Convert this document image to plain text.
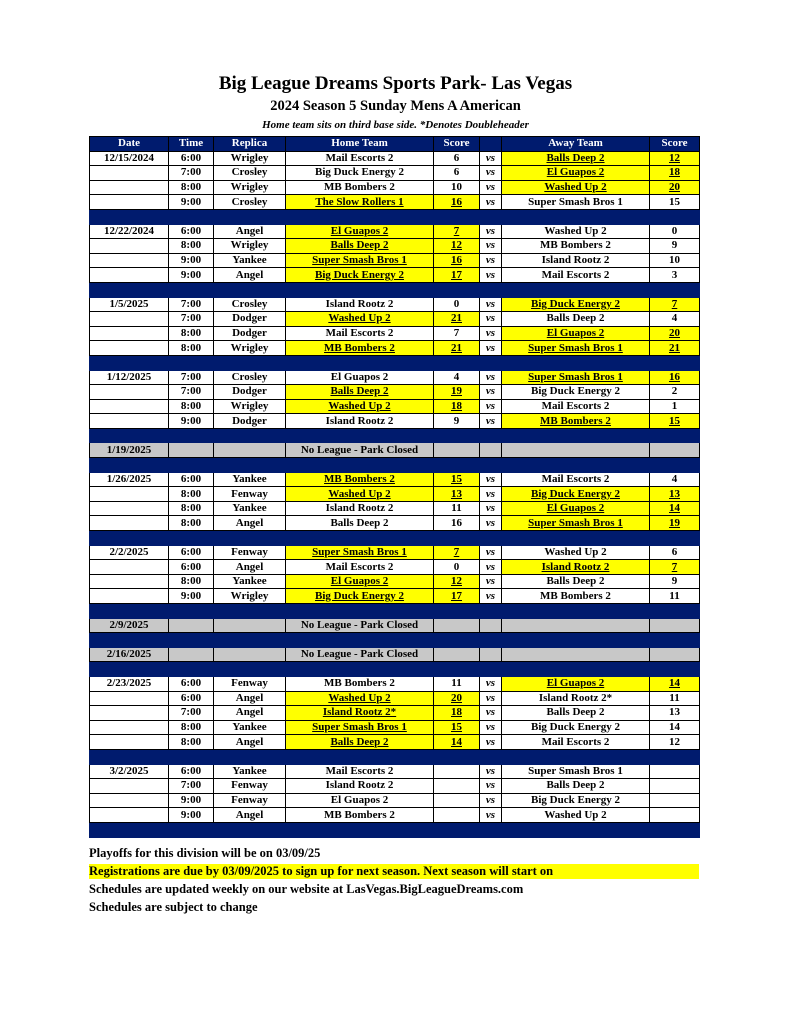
Big League Dreams Sports Park- Las Vegas
2024 Season 5 Sunday Mens A American
Home team sits on third base side. *Denotes Doubleheader
Date	Time	Replica	Home Team	Score		Away Team	Score
12/15/2024	6:00	Wrigley	Mail Escorts 2	6	vs	Balls Deep 2	12
	7:00	Crosley	Big Duck Energy 2	6	vs	El Guapos 2	18
	8:00	Wrigley	MB Bombers 2	10	vs	Washed Up 2	20
	9:00	Crosley	The Slow Rollers 1	16	vs	Super Smash Bros 1	15

12/22/2024	6:00	Angel	El Guapos 2	7	vs	Washed Up 2	0
	8:00	Wrigley	Balls Deep 2	12	vs	MB Bombers 2	9
	9:00	Yankee	Super Smash Bros 1	16	vs	Island Rootz 2	10
	9:00	Angel	Big Duck Energy 2	17	vs	Mail Escorts 2	3

1/5/2025	7:00	Crosley	Island Rootz 2	0	vs	Big Duck Energy 2	7
	7:00	Dodger	Washed Up 2	21	vs	Balls Deep 2	4
	8:00	Dodger	Mail Escorts 2	7	vs	El Guapos 2	20
	8:00	Wrigley	MB Bombers 2	21	vs	Super Smash Bros 1	21

1/12/2025	7:00	Crosley	El Guapos 2	4	vs	Super Smash Bros 1	16
	7:00	Dodger	Balls Deep 2	19	vs	Big Duck Energy 2	2
	8:00	Wrigley	Washed Up 2	18	vs	Mail Escorts 2	1
	9:00	Dodger	Island Rootz 2	9	vs	MB Bombers 2	15

1/19/2025			No League - Park Closed				

1/26/2025	6:00	Yankee	MB Bombers 2	15	vs	Mail Escorts 2	4
	8:00	Fenway	Washed Up 2	13	vs	Big Duck Energy 2	13
	8:00	Yankee	Island Rootz 2	11	vs	El Guapos 2	14
	8:00	Angel	Balls Deep 2	16	vs	Super Smash Bros 1	19

2/2/2025	6:00	Fenway	Super Smash Bros 1	7	vs	Washed Up 2	6
	6:00	Angel	Mail Escorts 2	0	vs	Island Rootz 2	7
	8:00	Yankee	El Guapos 2	12	vs	Balls Deep 2	9
	9:00	Wrigley	Big Duck Energy 2	17	vs	MB Bombers 2	11

2/9/2025			No League - Park Closed				

2/16/2025			No League - Park Closed				

2/23/2025	6:00	Fenway	MB Bombers 2	11	vs	El Guapos 2	14
	6:00	Angel	Washed Up 2	20	vs	Island Rootz 2*	11
	7:00	Angel	Island Rootz 2*	18	vs	Balls Deep 2	13
	8:00	Yankee	Super Smash Bros 1	15	vs	Big Duck Energy 2	14
	8:00	Angel	Balls Deep 2	14	vs	Mail Escorts 2	12

3/2/2025	6:00	Yankee	Mail Escorts 2		vs	Super Smash Bros 1	
	7:00	Fenway	Island Rootz 2		vs	Balls Deep 2	
	9:00	Fenway	El Guapos 2		vs	Big Duck Energy 2	
	9:00	Angel	MB Bombers 2		vs	Washed Up 2	

Playoffs for this division will be on 03/09/25
Registrations are due by 03/09/2025 to sign up for next season. Next season will start on
Schedules are updated weekly on our website at LasVegas.BigLeagueDreams.com
Schedules are subject to change
